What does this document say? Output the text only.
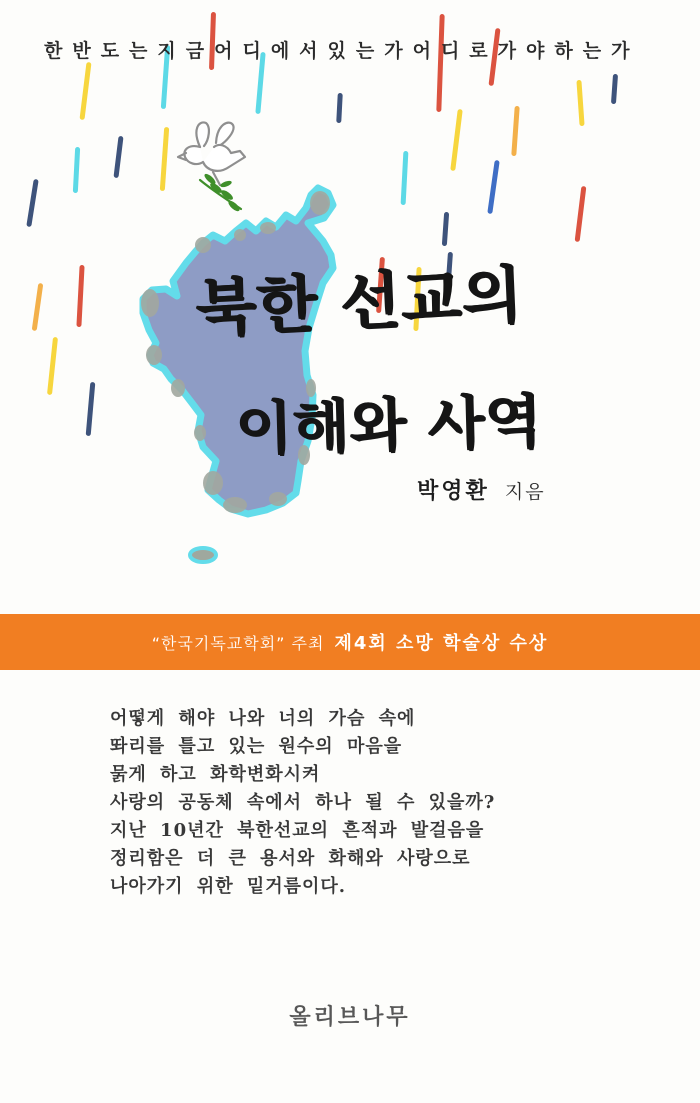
한반도는지금어디에서있는가어디로가야하는가
북한 선교의
이해와 사역
박영환 지음
“한국기독교학회” 주최 제4회 소망 학술상 수상
어떻게 해야 나와 너의 가슴 속에
똬리를 틀고 있는 원수의 마음을
묽게 하고 화학변화시켜
사랑의 공동체 속에서 하나 될 수 있을까?
지난 10년간 북한선교의 흔적과 발걸음을
정리함은 더 큰 용서와 화해와 사랑으로
나아가기 위한 밑거름이다.
올리브나무
